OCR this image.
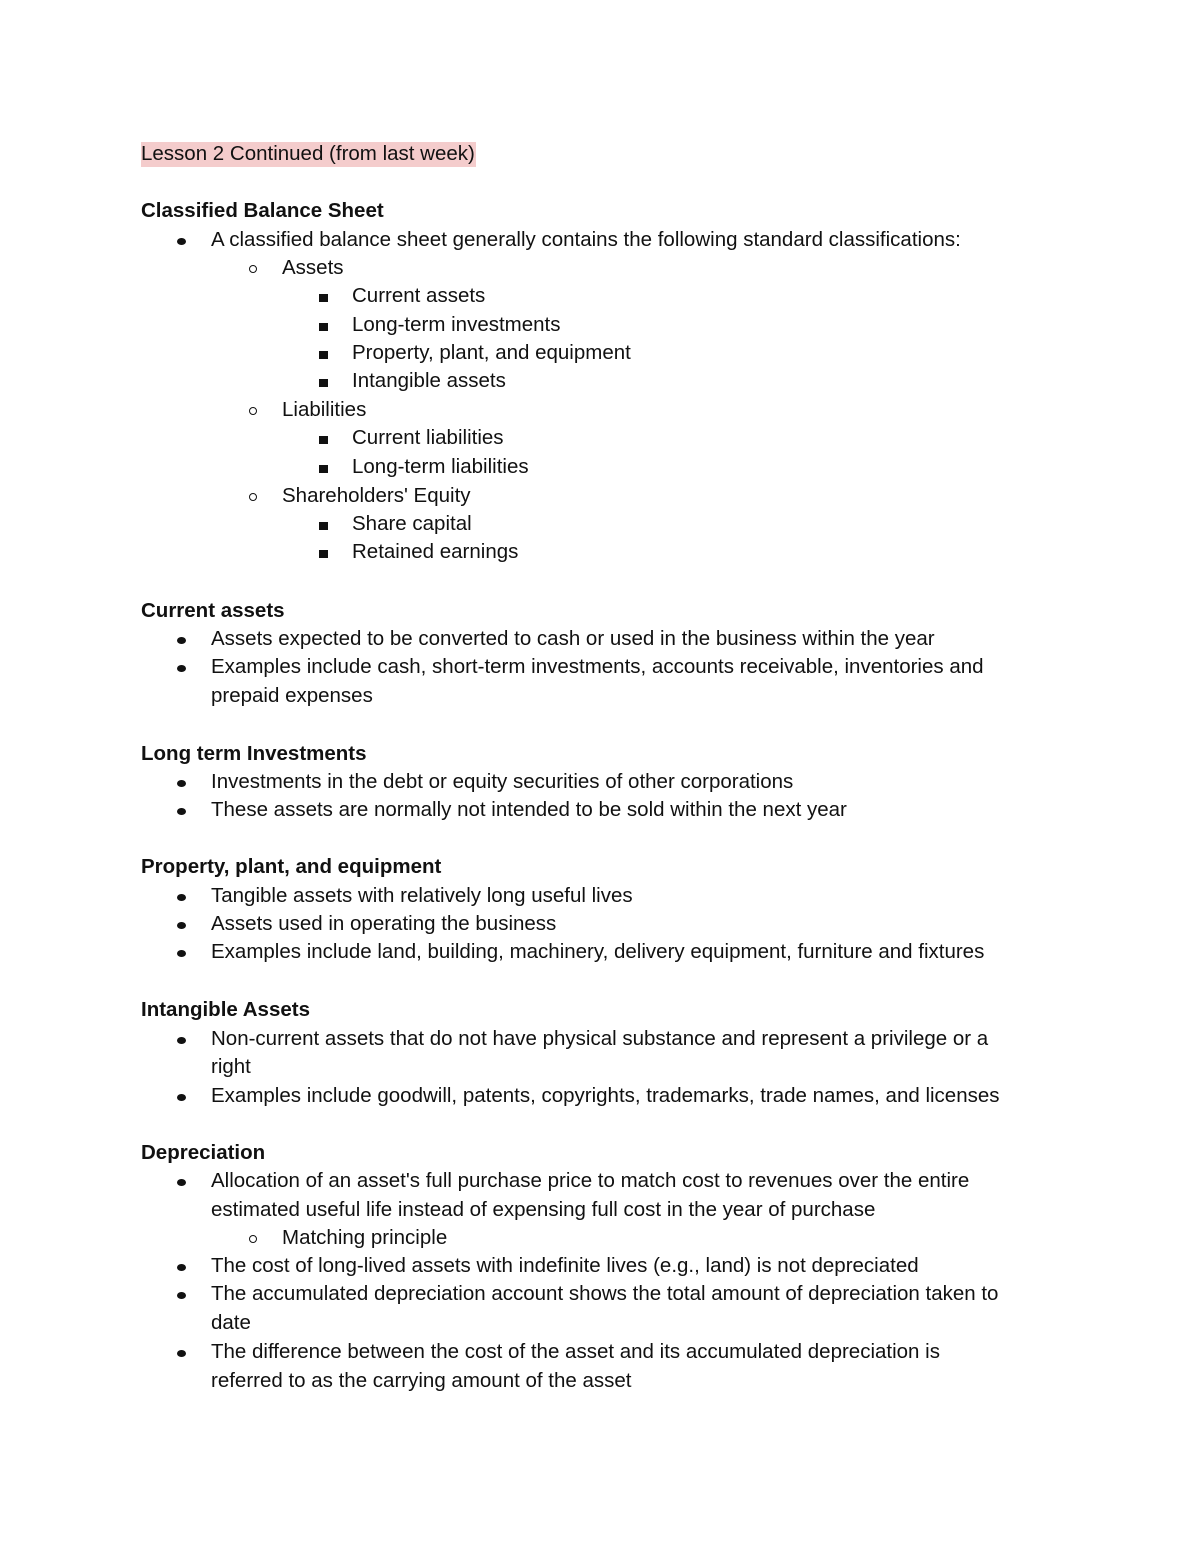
Lesson 2 Continued (from last week)
Classified Balance Sheet
A classified balance sheet generally contains the following standard classifications:
Assets
Current assets
Long-term investments
Property, plant, and equipment
Intangible assets
Liabilities
Current liabilities
Long-term liabilities
Shareholders' Equity
Share capital
Retained earnings
Current assets
Assets expected to be converted to cash or used in the business within the year
Examples include cash, short-term investments, accounts receivable, inventories and
prepaid expenses
Long term Investments
Investments in the debt or equity securities of other corporations
These assets are normally not intended to be sold within the next year
Property, plant, and equipment
Tangible assets with relatively long useful lives
Assets used in operating the business
Examples include land, building, machinery, delivery equipment, furniture and fixtures
Intangible Assets
Non-current assets that do not have physical substance and represent a privilege or a
right
Examples include goodwill, patents, copyrights, trademarks, trade names, and licenses
Depreciation
Allocation of an asset's full purchase price to match cost to revenues over the entire
estimated useful life instead of expensing full cost in the year of purchase
Matching principle
The cost of long-lived assets with indefinite lives (e.g., land) is not depreciated
The accumulated depreciation account shows the total amount of depreciation taken to
date
The difference between the cost of the asset and its accumulated depreciation is
referred to as the carrying amount of the asset
